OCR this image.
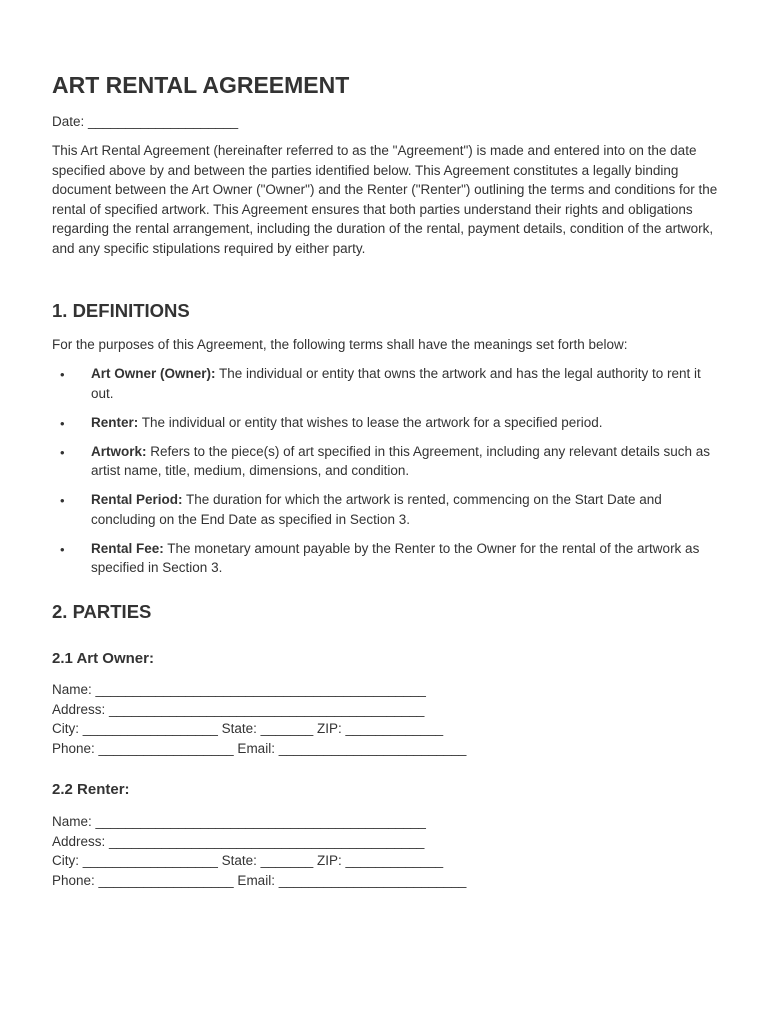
ART RENTAL AGREEMENT
Date: ____________________

This Art Rental Agreement (hereinafter referred to as the "Agreement") is made and entered into on the date specified above by and between the parties identified below. This Agreement constitutes a legally binding document between the Art Owner ("Owner") and the Renter ("Renter") outlining the terms and conditions for the rental of specified artwork. This Agreement ensures that both parties understand their rights and obligations regarding the rental arrangement, including the duration of the rental, payment details, condition of the artwork, and any specific stipulations required by either party.

1. DEFINITIONS

For the purposes of this Agreement, the following terms shall have the meanings set forth below:

• Art Owner (Owner): The individual or entity that owns the artwork and has the legal authority to rent it out.
• Renter: The individual or entity that wishes to lease the artwork for a specified period.
• Artwork: Refers to the piece(s) of art specified in this Agreement, including any relevant details such as artist name, title, medium, dimensions, and condition.
• Rental Period: The duration for which the artwork is rented, commencing on the Start Date and concluding on the End Date as specified in Section 3.
• Rental Fee: The monetary amount payable by the Renter to the Owner for the rental of the artwork as specified in Section 3.
2. PARTIES
2.1 Art Owner:
Name: ____________________________________________
Address: __________________________________________
City: __________________ State: _______ ZIP: _____________
Phone: __________________ Email: _________________________
2.2 Renter:
Name: ____________________________________________
Address: __________________________________________
City: __________________ State: _______ ZIP: _____________
Phone: __________________ Email: _________________________
